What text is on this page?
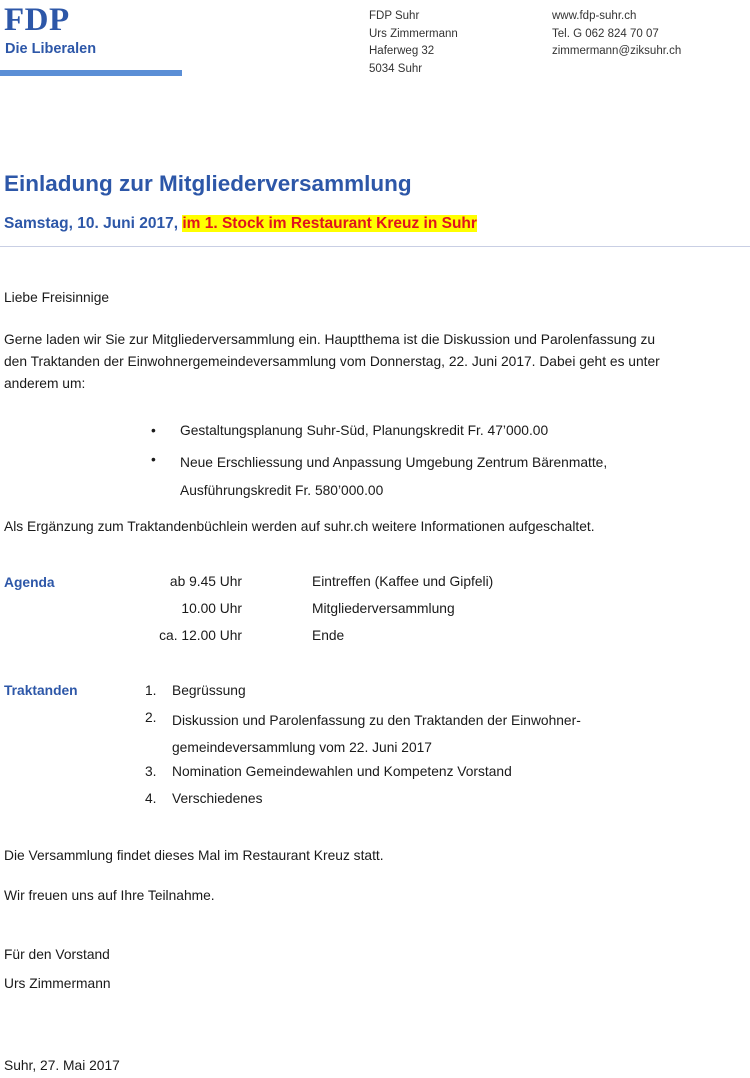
FDP
Die Liberalen
FDP Suhr
Urs Zimmermann
Haferweg 32
5034 Suhr
www.fdp-suhr.ch
Tel. G 062 824 70 07
zimmermann@ziksuhr.ch
Einladung zur Mitgliederversammlung
Samstag, 10. Juni 2017, im 1. Stock im Restaurant Kreuz in Suhr
Liebe Freisinnige
Gerne laden wir Sie zur Mitgliederversammlung ein. Hauptthema ist die Diskussion und Parolenfassung zu
den Traktanden der Einwohnergemeindeversammlung vom Donnerstag, 22. Juni 2017. Dabei geht es unter
anderem um:
• Gestaltungsplanung Suhr-Süd, Planungskredit Fr. 47’000.00
• Neue Erschliessung und Anpassung Umgebung Zentrum Bärenmatte,
Ausführungskredit Fr. 580’000.00
Als Ergänzung zum Traktandenbüchlein werden auf suhr.ch weitere Informationen aufgeschaltet.
Agenda	ab 9.45 Uhr	Eintreffen (Kaffee und Gipfeli)
10.00 Uhr	Mitgliederversammlung
ca. 12.00 Uhr	Ende
Traktanden	1. Begrüssung
2. Diskussion und Parolenfassung zu den Traktanden der Einwohner-
gemeindeversammlung vom 22. Juni 2017
3. Nomination Gemeindewahlen und Kompetenz Vorstand
4. Verschiedenes
Die Versammlung findet dieses Mal im Restaurant Kreuz statt.
Wir freuen uns auf Ihre Teilnahme.
Für den Vorstand
Urs Zimmermann
Suhr, 27. Mai 2017
